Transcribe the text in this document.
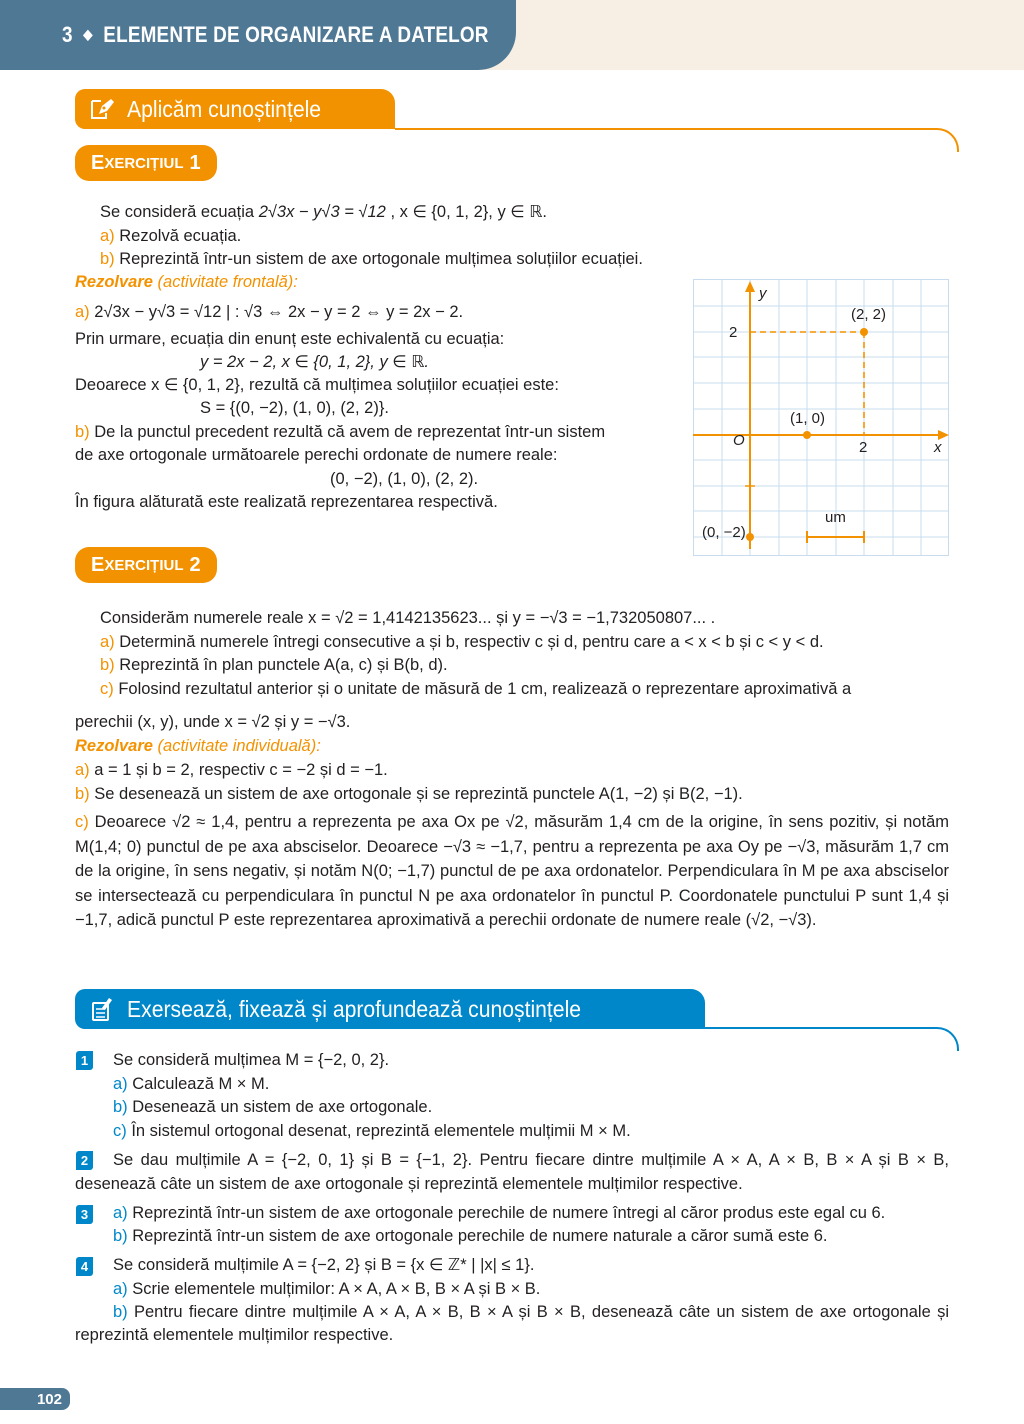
3 ◆ ELEMENTE DE ORGANIZARE A DATELOR
Aplicăm cunoștințele
E XERCIȚIUL 1
Se consideră ecuația 2√3x − y√3 = √12 , x ∈ {0, 1, 2}, y ∈ ℝ.
a) Rezolvă ecuația.
b) Reprezintă într-un sistem de axe ortogonale mulțimea soluțiilor ecuației.
Rezolvare (activitate frontală):
a) 2√3x − y√3 = √12 | : √3 ⇔ 2x − y = 2 ⇔ y = 2x − 2.
Prin urmare, ecuația din enunț este echivalentă cu ecuația:
y = 2x − 2, x ∈ {0, 1, 2}, y ∈ ℝ.
Deoarece x ∈ {0, 1, 2}, rezultă că mulțimea soluțiilor ecuației este:
S = {(0, −2), (1, 0), (2, 2)}.
b) De la punctul precedent rezultă că avem de reprezentat într-un sistem
de axe ortogonale următoarele perechi ordonate de numere reale:
(0, −2), (1, 0), (2, 2).
În figura alăturată este realizată reprezentarea respectivă.
y
2
(2, 2)
(1, 0)
O	2	x
um
(0, −2)
E XERCIȚIUL 2
Considerăm numerele reale x = √2 = 1,4142135623... și y = −√3 = −1,732050807... .
a) Determină numerele întregi consecutive a și b, respectiv c și d, pentru care a < x < b și c < y < d.
b) Reprezintă în plan punctele A(a, c) și B(b, d).
c) Folosind rezultatul anterior și o unitate de măsură de 1 cm, realizează o reprezentare aproximativă a
perechii (x, y), unde x = √2 și y = −√3.
Rezolvare (activitate individuală):
a) a = 1 și b = 2, respectiv c = −2 și d = −1.
b) Se desenează un sistem de axe ortogonale și se reprezintă punctele A(1, −2) și B(2, −1).
c) Deoarece √2 ≈ 1,4, pentru a reprezenta pe axa Ox pe √2, măsurăm 1,4 cm de la origine, în sens pozitiv, și notăm M(1,4; 0) punctul de pe axa absciselor. Deoarece −√3 ≈ −1,7, pentru a reprezenta pe axa Oy pe −√3, măsurăm 1,7 cm de la origine, în sens negativ, și notăm N(0; −1,7) punctul de pe axa ordonatelor. Perpendiculara în M pe axa absciselor se intersectează cu perpendiculara în punctul N pe axa ordonatelor în punctul P. Coordonatele punctului P sunt 1,4 și −1,7, adică punctul P este reprezentarea aproximativă a perechii ordonate de numere reale (√2, −√3).
Exersează, fixează și aprofundează cunoștințele
1 Se consideră mulțimea M = {−2, 0, 2}.
a) Calculează M × M.
b) Desenează un sistem de axe ortogonale.
c) În sistemul ortogonal desenat, reprezintă elementele mulțimii M × M.
2	Se dau mulțimile A = {−2, 0, 1} și B = {−1, 2}. Pentru fiecare dintre mulțimile A × A, A × B, B × A și B × B, desenează câte un sistem de axe ortogonale și reprezintă elementele mulțimilor respective.
3 a) Reprezintă într-un sistem de axe ortogonale perechile de numere întregi al căror produs este egal cu 6.
b) Reprezintă într-un sistem de axe ortogonale perechile de numere naturale a căror sumă este 6.
4 Se consideră mulțimile A = {−2, 2} și B = {x ∈ ℤ* | |x| ≤ 1}.
a) Scrie elementele mulțimilor: A × A, A × B, B × A și B × B.
b) Pentru fiecare dintre mulțimile A × A, A × B, B × A și B × B, desenează câte un sistem de axe ortogonale și reprezintă elementele mulțimilor respective.
102
